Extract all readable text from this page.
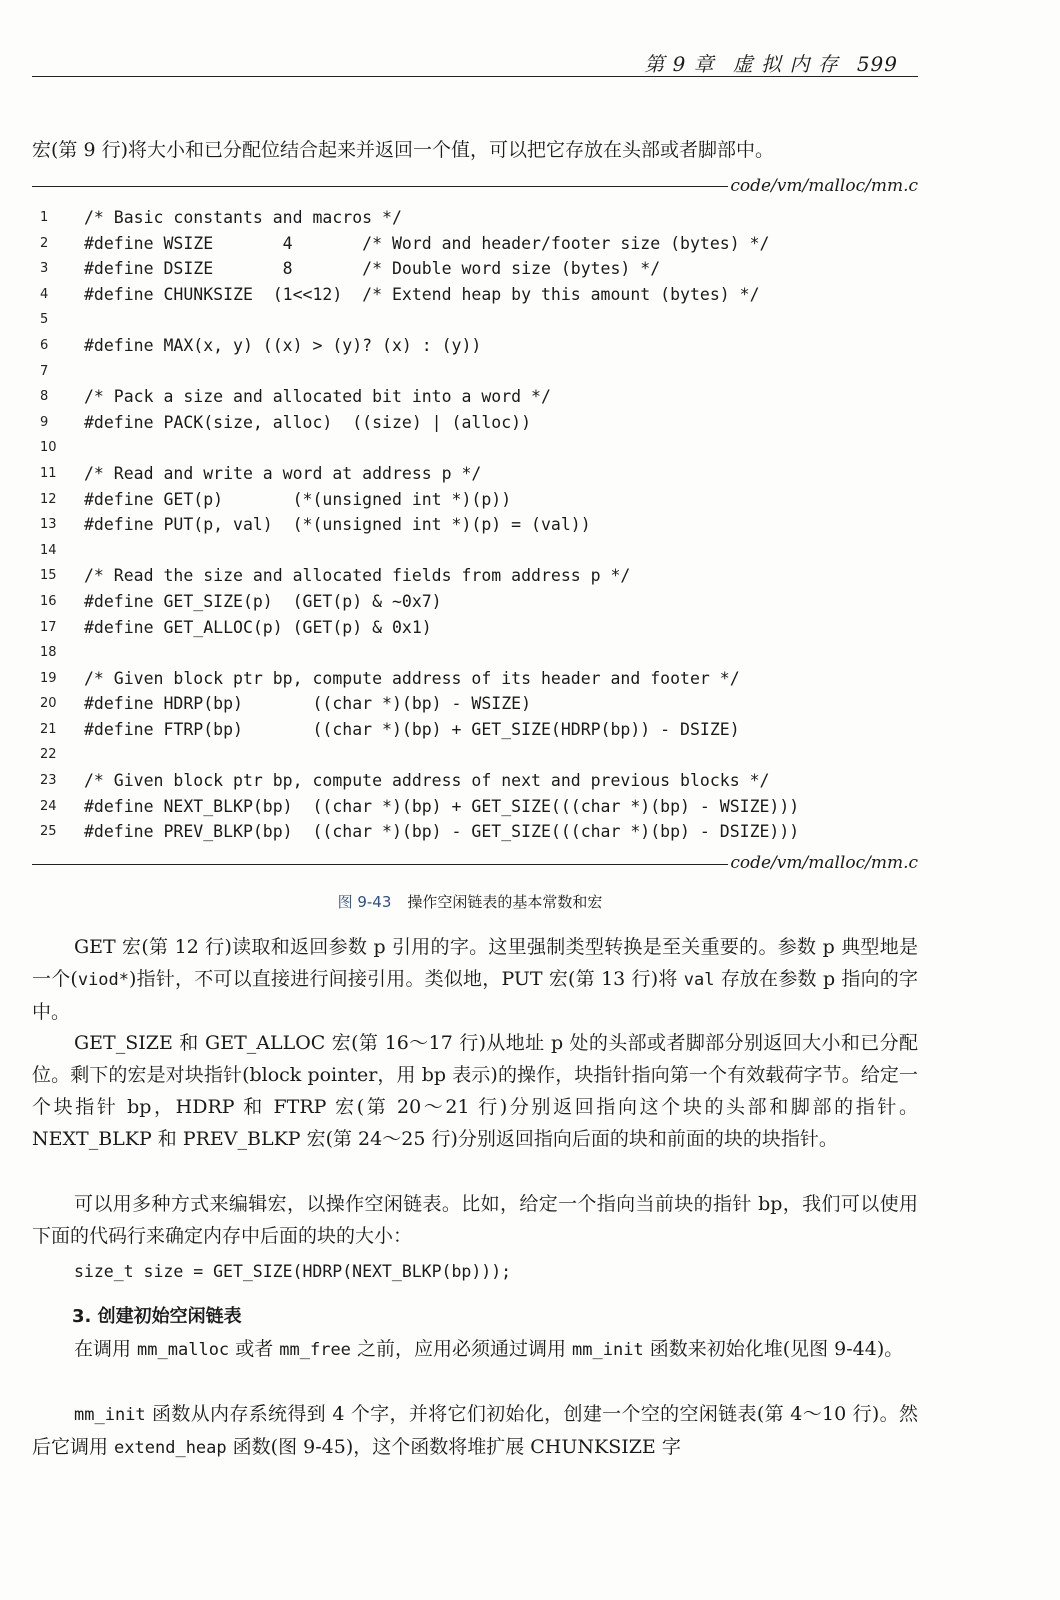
第 9 章 虚 拟 内 存 599
宏(第 9 行)将大小和已分配位结合起来并返回一个值，可以把它存放在头部或者脚部中。
code/vm/malloc/mm.c
1	/* Basic constants and macros */
2	#define WSIZE       4       /* Word and header/footer size (bytes) */
3	#define DSIZE       8       /* Double word size (bytes) */
4	#define CHUNKSIZE  (1<<12)  /* Extend heap by this amount (bytes) */
5
6	#define MAX(x, y) ((x) > (y)? (x) : (y))
7
8	/* Pack a size and allocated bit into a word */
9	#define PACK(size, alloc)  ((size) | (alloc))
10
11 /* Read and write a word at address p */
12 #define GET(p)       (*(unsigned int *)(p))
13 #define PUT(p, val)  (*(unsigned int *)(p) = (val))
14
15 /* Read the size and allocated fields from address p */
16 #define GET_SIZE(p)  (GET(p) & ~0x7)
17 #define GET_ALLOC(p) (GET(p) & 0x1)
18
19 /* Given block ptr bp, compute address of its header and footer */
20 #define HDRP(bp)       ((char *)(bp) - WSIZE)
21 #define FTRP(bp)       ((char *)(bp) + GET_SIZE(HDRP(bp)) - DSIZE)
22
23 /* Given block ptr bp, compute address of next and previous blocks */
24 #define NEXT_BLKP(bp)  ((char *)(bp) + GET_SIZE(((char *)(bp) - WSIZE)))
25 #define PREV_BLKP(bp)  ((char *)(bp) - GET_SIZE(((char *)(bp) - DSIZE)))
code/vm/malloc/mm.c
图 9-43 操作空闲链表的基本常数和宏
GET 宏(第 12 行)读取和返回参数 p 引用的字。这里强制类型转换是至关重要的。参数 p 典型地是一个(viod*)指针，不可以直接进行间接引用。类似地，PUT 宏(第 13 行)将 val 存放在参数 p 指向的字中。
GET_SIZE 和 GET_ALLOC 宏(第 16～17 行)从地址 p 处的头部或者脚部分别返回大小和已分配位。剩下的宏是对块指针(block pointer，用 bp 表示)的操作，块指针指向第一个有效载荷字节。给定一个块指针 bp，HDRP 和 FTRP 宏(第 20～21 行)分别返回指向这个块的头部和脚部的指针。NEXT_BLKP 和 PREV_BLKP 宏(第 24～25 行)分别返回指向后面的块和前面的块的块指针。
可以用多种方式来编辑宏，以操作空闲链表。比如，给定一个指向当前块的指针 bp，我们可以使用下面的代码行来确定内存中后面的块的大小：
size_t size = GET_SIZE(HDRP(NEXT_BLKP(bp)));
3. 创建初始空闲链表
在调用 mm_malloc 或者 mm_free 之前，应用必须通过调用 mm_init 函数来初始化堆(见图 9-44)。
mm_init 函数从内存系统得到 4 个字，并将它们初始化，创建一个空的空闲链表(第 4～10 行)。然后它调用 extend_heap 函数(图 9-45)，这个函数将堆扩展 CHUNKSIZE 字
